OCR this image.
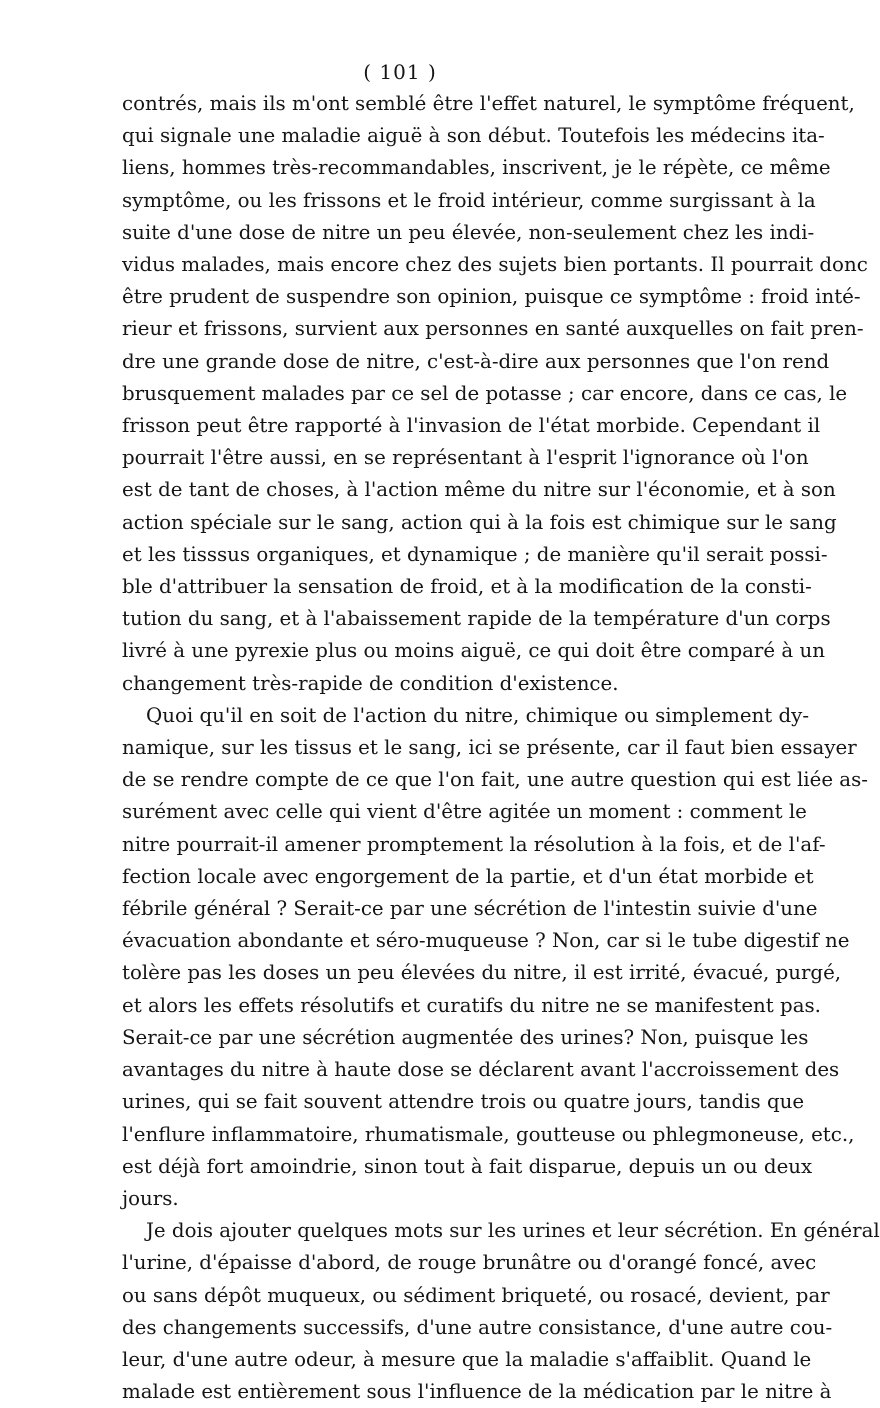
( 101 )

contrés, mais ils m'ont semblé être l'effet naturel, le symptôme fréquent,
qui signale une maladie aiguë à son début. Toutefois les médecins ita-
liens, hommes très-recommandables, inscrivent, je le répète, ce même
symptôme, ou les frissons et le froid intérieur, comme surgissant à la
suite d'une dose de nitre un peu élevée, non-seulement chez les indi-
vidus malades, mais encore chez des sujets bien portants. Il pourrait donc
être prudent de suspendre son opinion, puisque ce symptôme : froid inté-
rieur et frissons, survient aux personnes en santé auxquelles on fait pren-
dre une grande dose de nitre, c'est-à-dire aux personnes que l'on rend
brusquement malades par ce sel de potasse ; car encore, dans ce cas, le
frisson peut être rapporté à l'invasion de l'état morbide. Cependant il
pourrait l'être aussi, en se représentant à l'esprit l'ignorance où l'on
est de tant de choses, à l'action même du nitre sur l'économie, et à son
action spéciale sur le sang, action qui à la fois est chimique sur le sang
et les tisssus organiques, et dynamique ; de manière qu'il serait possi-
ble d'attribuer la sensation de froid, et à la modification de la consti-
tution du sang, et à l'abaissement rapide de la température d'un corps
livré à une pyrexie plus ou moins aiguë, ce qui doit être comparé à un
changement très-rapide de condition d'existence.

Quoi qu'il en soit de l'action du nitre, chimique ou simplement dy-
namique, sur les tissus et le sang, ici se présente, car il faut bien essayer
de se rendre compte de ce que l'on fait, une autre question qui est liée as-
surément avec celle qui vient d'être agitée un moment : comment le
nitre pourrait-il amener promptement la résolution à la fois, et de l'af-
fection locale avec engorgement de la partie, et d'un état morbide et
fébrile général ? Serait-ce par une sécrétion de l'intestin suivie d'une
évacuation abondante et séro-muqueuse ? Non, car si le tube digestif ne
tolère pas les doses un peu élevées du nitre, il est irrité, évacué, purgé,
et alors les effets résolutifs et curatifs du nitre ne se manifestent pas.
Serait-ce par une sécrétion augmentée des urines? Non, puisque les
avantages du nitre à haute dose se déclarent avant l'accroissement des
urines, qui se fait souvent attendre trois ou quatre jours, tandis que
l'enflure inflammatoire, rhumatismale, goutteuse ou phlegmoneuse, etc.,
est déjà fort amoindrie, sinon tout à fait disparue, depuis un ou deux
jours.

Je dois ajouter quelques mots sur les urines et leur sécrétion. En général
l'urine, d'épaisse d'abord, de rouge brunâtre ou d'orangé foncé, avec
ou sans dépôt muqueux, ou sédiment briqueté, ou rosacé, devient, par
des changements successifs, d'une autre consistance, d'une autre cou-
leur, d'une autre odeur, à mesure que la maladie s'affaiblit. Quand le
malade est entièrement sous l'influence de la médication par le nitre à
